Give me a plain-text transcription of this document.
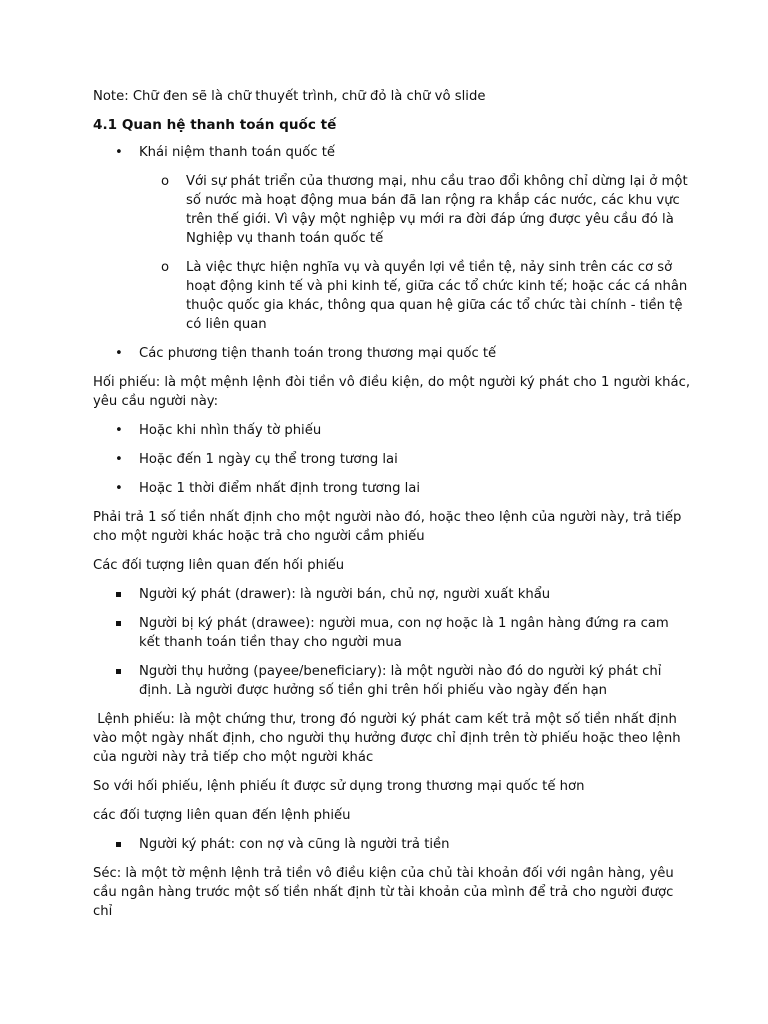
Note: Chữ đen sẽ là chữ thuyết trình, chữ đỏ là chữ vô slide

4.1 Quan hệ thanh toán quốc tế

• Khái niệm thanh toán quốc tế
o Với sự phát triển của thương mại, nhu cầu trao đổi không chỉ dừng lại ở một số nước mà hoạt động mua bán đã lan rộng ra khắp các nước, các khu vực trên thế giới. Vì vậy một nghiệp vụ mới ra đời đáp ứng được yêu cầu đó là Nghiệp vụ thanh toán quốc tế
o Là việc thực hiện nghĩa vụ và quyền lợi về tiền tệ, nảy sinh trên các cơ sở hoạt động kinh tế và phi kinh tế, giữa các tổ chức kinh tế; hoặc các cá nhân thuộc quốc gia khác, thông qua quan hệ giữa các tổ chức tài chính - tiền tệ có liên quan
• Các phương tiện thanh toán trong thương mại quốc tế

Hối phiếu: là một mệnh lệnh đòi tiền vô điều kiện, do một người ký phát cho 1 người khác, yêu cầu người này:

• Hoặc khi nhìn thấy tờ phiếu
• Hoặc đến 1 ngày cụ thể trong tương lai
• Hoặc 1 thời điểm nhất định trong tương lai

Phải trả 1 số tiền nhất định cho một người nào đó, hoặc theo lệnh của người này, trả tiếp cho một người khác hoặc trả cho người cầm phiếu

Các đối tượng liên quan đến hối phiếu

Người ký phát (drawer): là người bán, chủ nợ, người xuất khẩu
Người bị ký phát (drawee): người mua, con nợ hoặc là 1 ngân hàng đứng ra cam kết thanh toán tiền thay cho người mua
Người thụ hưởng (payee/beneficiary): là một người nào đó do người ký phát chỉ định. Là người được hưởng số tiền ghi trên hối phiếu vào ngày đến hạn

Lệnh phiếu: là một chứng thư, trong đó người ký phát cam kết trả một số tiền nhất định vào một ngày nhất định, cho người thụ hưởng được chỉ định trên tờ phiếu hoặc theo lệnh của người này trả tiếp cho một người khác

So với hối phiếu, lệnh phiếu ít được sử dụng trong thương mại quốc tế hơn

các đối tượng liên quan đến lệnh phiếu

Người ký phát: con nợ và cũng là người trả tiền

Séc: là một tờ mệnh lệnh trả tiền vô điều kiện của chủ tài khoản đối với ngân hàng, yêu cầu ngân hàng trước một số tiền nhất định từ tài khoản của mình để trả cho người được chỉ
